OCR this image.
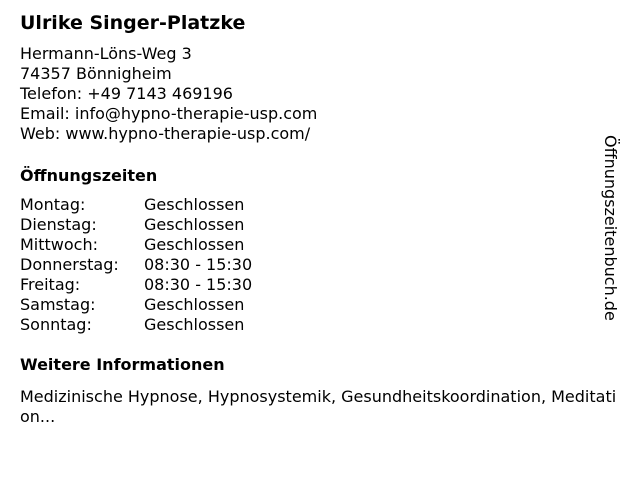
Ulrike Singer-Platzke
Hermann-Löns-Weg 3
74357 Bönnigheim
Telefon: +49 7143 469196
Email: info@hypno-therapie-usp.com
Web: www.hypno-therapie-usp.com/
Öffnungszeiten
Montag:	Geschlossen
Dienstag:	Geschlossen
Mittwoch:	Geschlossen
Donnerstag:	08:30 - 15:30
Freitag:	08:30 - 15:30
Samstag:	Geschlossen
Sonntag:	Geschlossen
Weitere Informationen
Medizinische Hypnose, Hypnosystemik, Gesundheitskoordination, Meditation...
Öffnungszeitenbuch.de
